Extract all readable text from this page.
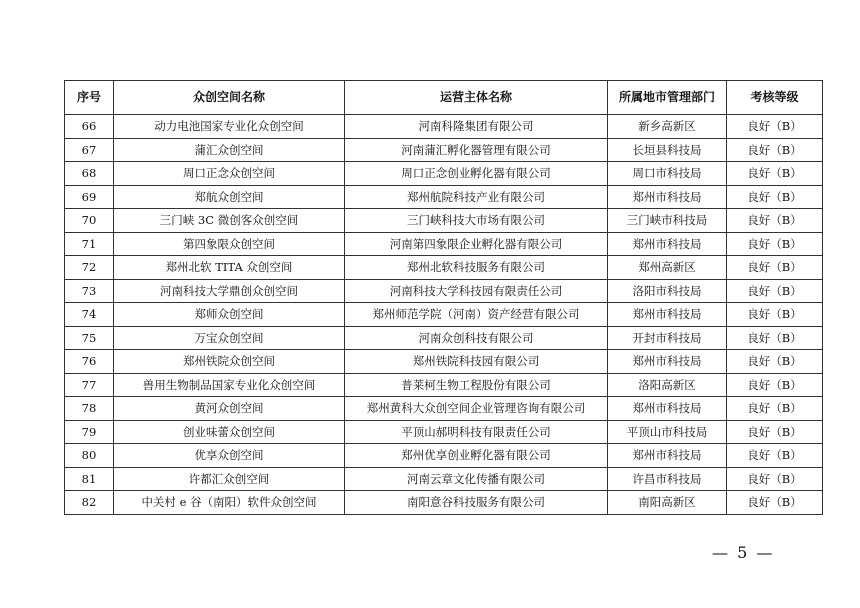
序号	众创空间名称	运营主体名称	所属地市管理部门	考核等级
66	动力电池国家专业化众创空间	河南科隆集团有限公司	新乡高新区	良好（B）
67	蒲汇众创空间	河南蒲汇孵化器管理有限公司	长垣县科技局	良好（B）
68	周口正念众创空间	周口正念创业孵化器有限公司	周口市科技局	良好（B）
69	郑航众创空间	郑州航院科技产业有限公司	郑州市科技局	良好（B）
70	三门峡 3C 微创客众创空间	三门峡科技大市场有限公司	三门峡市科技局	良好（B）
71	第四象限众创空间	河南第四象限企业孵化器有限公司	郑州市科技局	良好（B）
72	郑州北软 TITA 众创空间	郑州北软科技服务有限公司	郑州高新区	良好（B）
73	河南科技大学鼎创众创空间	河南科技大学科技园有限责任公司	洛阳市科技局	良好（B）
74	郑师众创空间	郑州师范学院（河南）资产经营有限公司	郑州市科技局	良好（B）
75	万宝众创空间	河南众创科技有限公司	开封市科技局	良好（B）
76	郑州铁院众创空间	郑州铁院科技园有限公司	郑州市科技局	良好（B）
77	兽用生物制品国家专业化众创空间	普莱柯生物工程股份有限公司	洛阳高新区	良好（B）
78	黄河众创空间	郑州黄科大众创空间企业管理咨询有限公司	郑州市科技局	良好（B）
79	创业味蕾众创空间	平顶山郝明科技有限责任公司	平顶山市科技局	良好（B）
80	优享众创空间	郑州优享创业孵化器有限公司	郑州市科技局	良好（B）
81	许都汇众创空间	河南云章文化传播有限公司	许昌市科技局	良好（B）
82	中关村 e 谷（南阳）软件众创空间	南阳意谷科技服务有限公司	南阳高新区	良好（B）
— 5 —
